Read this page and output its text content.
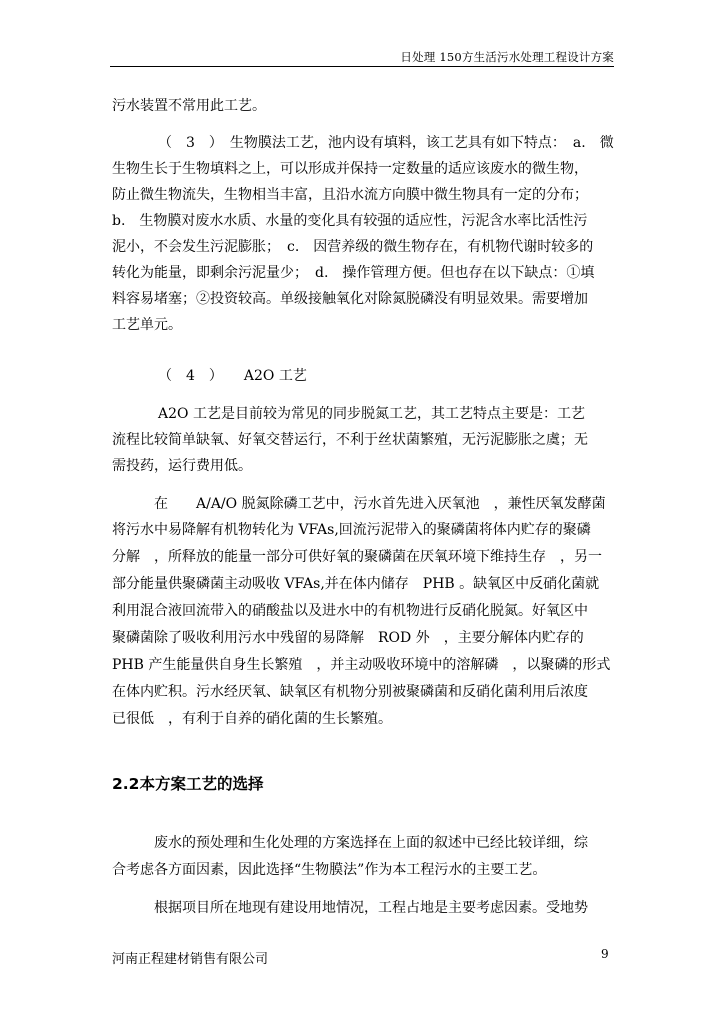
日处理 150方生活污水处理工程设计方案
污水装置不常用此工艺。
（　3　）　生物膜法工艺，池内设有填料，该工艺具有如下特点：　a.　微
生物生长于生物填料之上，可以形成并保持一定数量的适应该废水的微生物，
防止微生物流失，生物相当丰富，且沿水流方向膜中微生物具有一定的分布；
b.　生物膜对废水水质、水量的变化具有较强的适应性，污泥含水率比活性污
泥小，不会发生污泥膨胀；　c.　因营养级的微生物存在，有机物代谢时较多的
转化为能量，即剩余污泥量少；　d.　操作管理方便。但也存在以下缺点：①填
料容易堵塞；②投资较高。单级接触氧化对除氮脱磷没有明显效果。需要增加
工艺单元。
（　4　）　　A2O 工艺
A2O 工艺是目前较为常见的同步脱氮工艺，其工艺特点主要是：工艺
流程比较简单缺氧、好氧交替运行，不利于丝状菌繁殖，无污泥膨胀之虞；无
需投药，运行费用低。
在　　A/A/O 脱氮除磷工艺中，污水首先进入厌氧池　，兼性厌氧发酵菌
将污水中易降解有机物转化为 VFAs,回流污泥带入的聚磷菌将体内贮存的聚磷
分解　，所释放的能量一部分可供好氧的聚磷菌在厌氧环境下维持生存　，另一
部分能量供聚磷菌主动吸收 VFAs,并在体内储存　PHB 。缺氧区中反硝化菌就
利用混合液回流带入的硝酸盐以及进水中的有机物进行反硝化脱氮。好氧区中
聚磷菌除了吸收利用污水中残留的易降解　ROD 外　，主要分解体内贮存的
PHB 产生能量供自身生长繁殖　，并主动吸收环境中的溶解磷　，以聚磷的形式
在体内贮积。污水经厌氧、缺氧区有机物分别被聚磷菌和反硝化菌利用后浓度
已很低　，有利于自养的硝化菌的生长繁殖。
2.2本方案工艺的选择
废水的预处理和生化处理的方案选择在上面的叙述中已经比较详细，综
合考虑各方面因素，因此选择“生物膜法”作为本工程污水的主要工艺。
根据项目所在地现有建设用地情况，工程占地是主要考虑因素。受地势
河南正程建材销售有限公司	9
